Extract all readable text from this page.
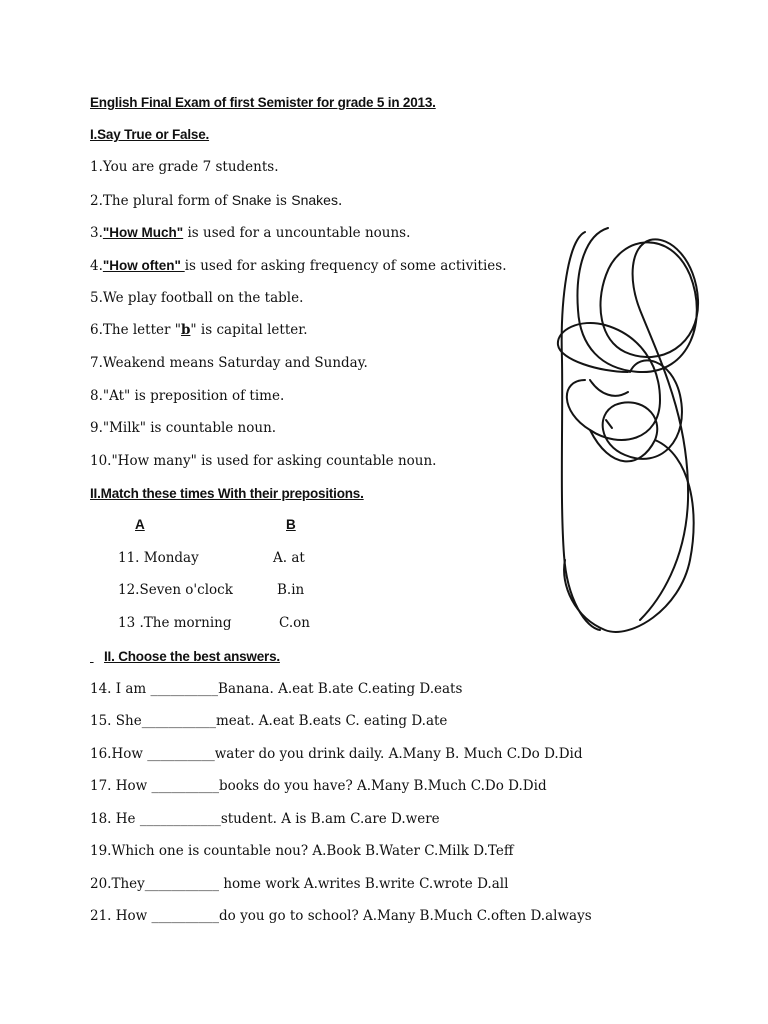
English Final Exam of first Semister for grade 5 in 2013.
I.Say True or False.
1.You are grade 7 students.
2.The plural form of Snake is Snakes.
3."How Much" is used for a uncountable nouns.
4."How often" is used for asking frequency of some activities.
5.We play football on the table.
6.The letter "b" is capital letter.
7.Weakend means Saturday and Sunday.
8."At" is preposition of time.
9."Milk" is countable noun.
10."How many" is used for asking countable noun.
II.Match these times With their prepositions.
A	B
11. Monday	A. at
12.Seven o'clock	B.in
13 .The morning	C.on
II. Choose the best answers.

14. I am __________Banana. A.eat B.ate C.eating D.eats
15. She___________meat. A.eat B.eats C. eating D.ate
16.How __________water do you drink daily. A.Many B. Much C.Do D.Did
17. How __________books do you have? A.Many B.Much C.Do D.Did
18. He ____________student. A is B.am C.are D.were
19.Which one is countable nou? A.Book B.Water C.Milk D.Teff
20.They___________ home work A.writes B.write C.wrote D.all
21. How __________do you go to school? A.Many B.Much C.often D.always
